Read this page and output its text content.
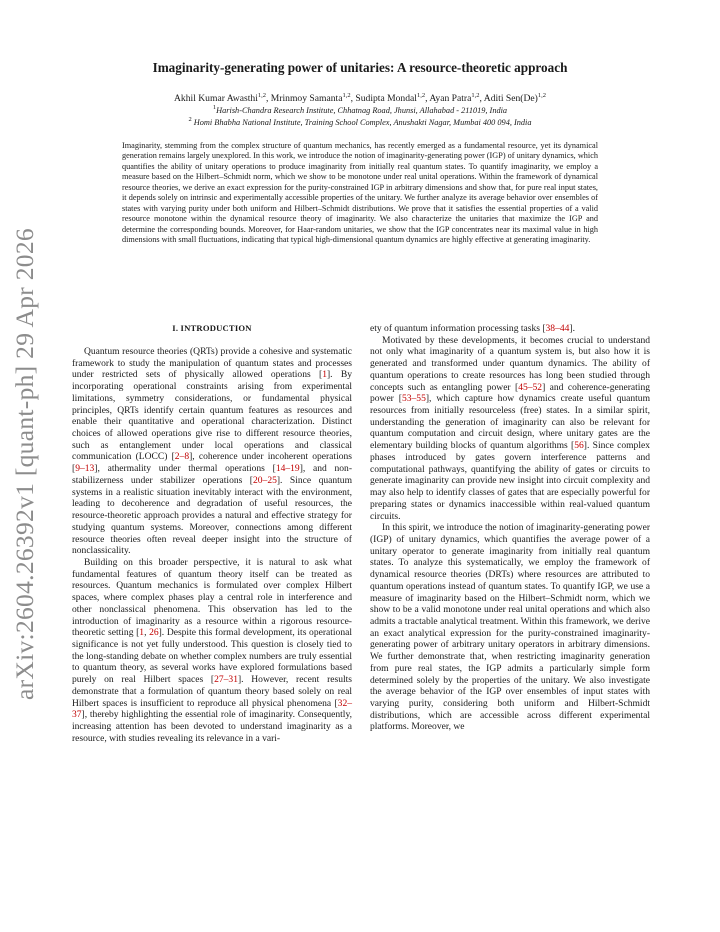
arXiv:2604.26392v1 [quant-ph] 29 Apr 2026
Imaginarity-generating power of unitaries: A resource-theoretic approach
Akhil Kumar Awasthi$^{1,2}$, Mrinmoy Samanta$^{1,2}$, Sudipta Mondal$^{1,2}$, Ayan Patra$^{1,2}$, Aditi $Sen(De)^{1,2}$
$^1$Harish-Chandra Research Institute, Chhatnag Road, Jhunsi, Allahabad - 211019, India
$^2$ Homi Bhabha National Institute, Training School Complex, Anushakti Nagar, Mumbai 400 094, India
Imaginarity, stemming from the complex structure of quantum mechanics, has recently emerged as a fundamental resource, yet its dynamical generation remains largely unexplored. In this work, we introduce the notion of imaginarity-generating power (IGP) of unitary dynamics, which quantifies the ability of unitary operations to produce imaginarity from initially real quantum states. To quantify imaginarity, we employ a measure based on the Hilbert–Schmidt norm, which we show to be monotone under real unital operations. Within the framework of dynamical resource theories, we derive an exact expression for the purity-constrained IGP in arbitrary dimensions and show that, for pure real input states, it depends solely on intrinsic and experimentally accessible properties of the unitary. We further analyze its average behavior over ensembles of states with varying purity under both uniform and Hilbert–Schmidt distributions. We prove that it satisfies the essential properties of a valid resource monotone within the dynamical resource theory of imaginarity. We also characterize the unitaries that maximize the IGP and determine the corresponding bounds. Moreover, for Haar-random unitaries, we show that the IGP concentrates near its maximal value in high dimensions with small fluctuations, indicating that typical high-dimensional quantum dynamics are highly effective at generating imaginarity.
I. INTRODUCTION

Quantum resource theories (QRTs) provide a cohesive and systematic framework to study the manipulation of quantum states and processes under restricted sets of physically allowed operations [1]. By incorporating operational constraints arising from experimental limitations, symmetry considerations, or fundamental physical principles, QRTs identify certain quantum features as resources and enable their quantitative and operational characterization. Distinct choices of allowed operations give rise to different resource theories, such as entanglement under local operations and classical communication (LOCC) [2–8], coherence under incoherent operations [9–13], athermality under thermal operations [14–19], and non-stabilizerness under stabilizer operations [20–25]. Since quantum systems in a realistic situation inevitably interact with the environment, leading to decoherence and degradation of useful resources, the resource-theoretic approach provides a natural and effective strategy for studying quantum systems. Moreover, connections among different resource theories often reveal deeper insight into the structure of nonclassicality.

Building on this broader perspective, it is natural to ask what fundamental features of quantum theory itself can be treated as resources. Quantum mechanics is formulated over complex Hilbert spaces, where complex phases play a central role in interference and other nonclassical phenomena. This observation has led to the introduction of imaginarity as a resource within a rigorous resource-theoretic setting [1, 26]. Despite this formal development, its operational significance is not yet fully understood. This question is closely tied to the long-standing debate on whether complex numbers are truly essential to quantum theory, as several works have explored formulations based purely on real Hilbert spaces [27–31]. However, recent results demonstrate that a formulation of quantum theory based solely on real Hilbert spaces is insufficient to reproduce all physical phenomena [32–37], thereby highlighting the essential role of imaginarity. Consequently, increasing attention has been devoted to understand imaginarity as a resource, with studies revealing its relevance in a vari-

ety of quantum information processing tasks [38–44].

Motivated by these developments, it becomes crucial to understand not only what imaginarity of a quantum system is, but also how it is generated and transformed under quantum dynamics. The ability of quantum operations to create resources has long been studied through concepts such as entangling power [45–52] and coherence-generating power [53–55], which capture how dynamics create useful quantum resources from initially resourceless (free) states. In a similar spirit, understanding the generation of imaginarity can also be relevant for quantum computation and circuit design, where unitary gates are the elementary building blocks of quantum algorithms [56]. Since complex phases introduced by gates govern interference patterns and computational pathways, quantifying the ability of gates or circuits to generate imaginarity can provide new insight into circuit complexity and may also help to identify classes of gates that are especially powerful for preparing states or dynamics inaccessible within real-valued quantum circuits.

In this spirit, we introduce the notion of imaginarity-generating power (IGP) of unitary dynamics, which quantifies the average power of a unitary operator to generate imaginarity from initially real quantum states. To analyze this systematically, we employ the framework of dynamical resource theories (DRTs) where resources are attributed to quantum operations instead of quantum states. To quantify IGP, we use a measure of imaginarity based on the Hilbert–Schmidt norm, which we show to be a valid monotone under real unital operations and which also admits a tractable analytical treatment. Within this framework, we derive an exact analytical expression for the purity-constrained imaginarity-generating power of arbitrary unitary operators in arbitrary dimensions. We further demonstrate that, when restricting imaginarity generation from pure real states, the IGP admits a particularly simple form determined solely by the properties of the unitary. We also investigate the average behavior of the IGP over ensembles of input states with varying purity, considering both uniform and Hilbert-Schmidt distributions, which are accessible across different experimental platforms. Moreover, we
